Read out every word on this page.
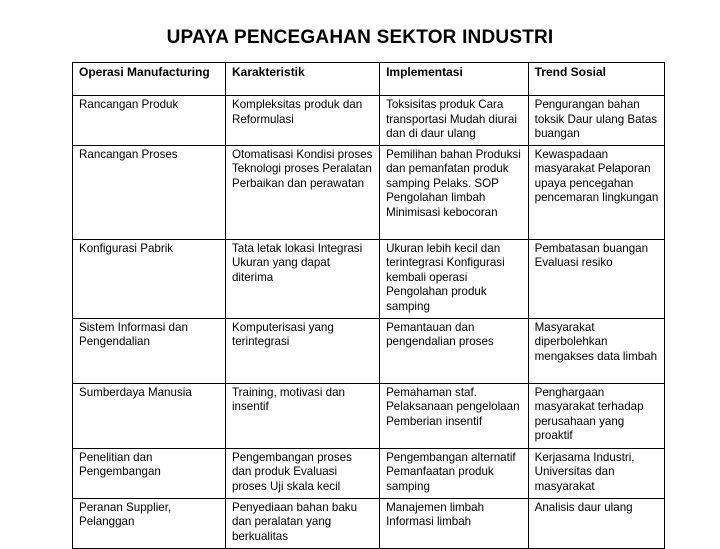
UPAYA PENCEGAHAN SEKTOR INDUSTRI
Operasi Manufacturing	Karakteristik	Implementasi	Trend Sosial
Rancangan Produk	Kompleksitas produk dan Reformulasi	Toksisitas produk Cara transportasi Mudah diurai dan di daur ulang	Pengurangan bahan toksik Daur ulang Batas buangan
Rancangan Proses	Otomatisasi Kondisi proses Teknologi proses Peralatan Perbaikan dan perawatan	Pemilihan bahan Produksi dan pemanfatan produk samping Pelaks. SOP Pengolahan limbah Minimisasi kebocoran	Kewaspadaan masyarakat Pelaporan upaya pencegahan pencemaran lingkungan
Konfigurasi Pabrik	Tata letak lokasi Integrasi Ukuran yang dapat diterima	Ukuran lebih kecil dan terintegrasi Konfigurasi kembali operasi Pengolahan produk samping	Pembatasan buangan Evaluasi resiko
Sistem Informasi dan Pengendalian	Komputerisasi yang terintegrasi	Pemantauan dan pengendalian proses	Masyarakat diperbolehkan mengakses data limbah
Sumberdaya Manusia	Training, motivasi dan insentif	Pemahaman staf. Pelaksanaan pengelolaan Pemberian insentif	Penghargaan masyarakat terhadap perusahaan yang proaktif
Penelitian dan Pengembangan	Pengembangan proses dan produk Evaluasi proses Uji skala kecil	Pengembangan alternatif Pemanfaatan produk samping	Kerjasama Industri, Universitas dan masyarakat
Peranan Supplier, Pelanggan	Penyediaan bahan baku dan peralatan yang berkualitas	Manajemen limbah Informasi limbah	Analisis daur ulang
